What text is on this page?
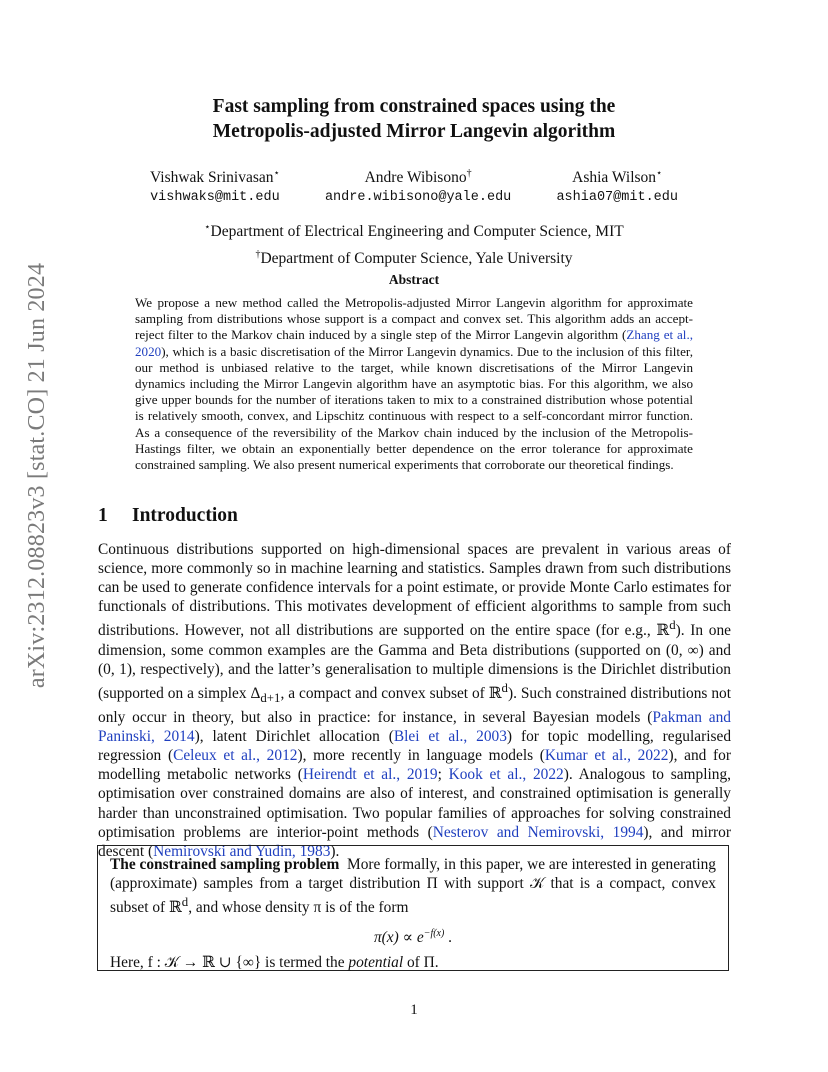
arXiv:2312.08823v3 [stat.CO] 21 Jun 2024
Fast sampling from constrained spaces using the
Metropolis-adjusted Mirror Langevin algorithm
Vishwak Srinivasan⋆
vishwaks@mit.edu
Andre Wibisono†
andre.wibisono@yale.edu
Ashia Wilson⋆
ashia07@mit.edu
⋆Department of Electrical Engineering and Computer Science, MIT
†Department of Computer Science, Yale University
Abstract
We propose a new method called the Metropolis-adjusted Mirror Langevin algorithm for approximate sampling from distributions whose support is a compact and convex set. This algorithm adds an accept-reject filter to the Markov chain induced by a single step of the Mirror Langevin algorithm (Zhang et al., 2020), which is a basic discretisation of the Mirror Langevin dynamics. Due to the inclusion of this filter, our method is unbiased relative to the target, while known discretisations of the Mirror Langevin dynamics including the Mirror Langevin algorithm have an asymptotic bias. For this algorithm, we also give upper bounds for the number of iterations taken to mix to a constrained distribution whose potential is relatively smooth, convex, and Lipschitz continuous with respect to a self-concordant mirror function. As a consequence of the reversibility of the Markov chain induced by the inclusion of the Metropolis-Hastings filter, we obtain an exponentially better dependence on the error tolerance for approximate constrained sampling. We also present numerical experiments that corroborate our theoretical findings.
1 Introduction
Continuous distributions supported on high-dimensional spaces are prevalent in various areas of science, more commonly so in machine learning and statistics. Samples drawn from such distributions can be used to generate confidence intervals for a point estimate, or provide Monte Carlo estimates for functionals of distributions. This motivates development of efficient algorithms to sample from such distributions. However, not all distributions are supported on the entire space (for e.g., ℝ$^d$). In one dimension, some common examples are the Gamma and Beta distributions (supported on (0, ∞) and (0, 1), respectively), and the latter’s generalisation to multiple dimensions is the Dirichlet distribution (supported on a simplex $\Delta_{d+1}$, a compact and convex subset of ℝ$^d$). Such constrained distributions not only occur in theory, but also in practice: for instance, in several Bayesian models (Pakman and Paninski, 2014), latent Dirichlet allocation (Blei et al., 2003) for topic modelling, regularised regression (Celeux et al., 2012), more recently in language models (Kumar et al., 2022), and for modelling metabolic networks (Heirendt et al., 2019; Kook et al., 2022). Analogous to sampling, optimisation over constrained domains are also of interest, and constrained optimisation is generally harder than unconstrained optimisation. Two popular families of approaches for solving constrained optimisation problems are interior-point methods (Nesterov and Nemirovski, 1994), and mirror descent (Nemirovski and Yudin, 1983).

The constrained sampling problem More formally, in this paper, we are interested in generating (approximate) samples from a target distribution Π with support 𝒦 that is a compact, convex subset of ℝ$^d$, and whose density π is of the form

$\pi(x) \propto e^{-f(x)}$ .

Here, f : 𝒦 → ℝ ∪ {∞} is termed the potential of Π.

1
